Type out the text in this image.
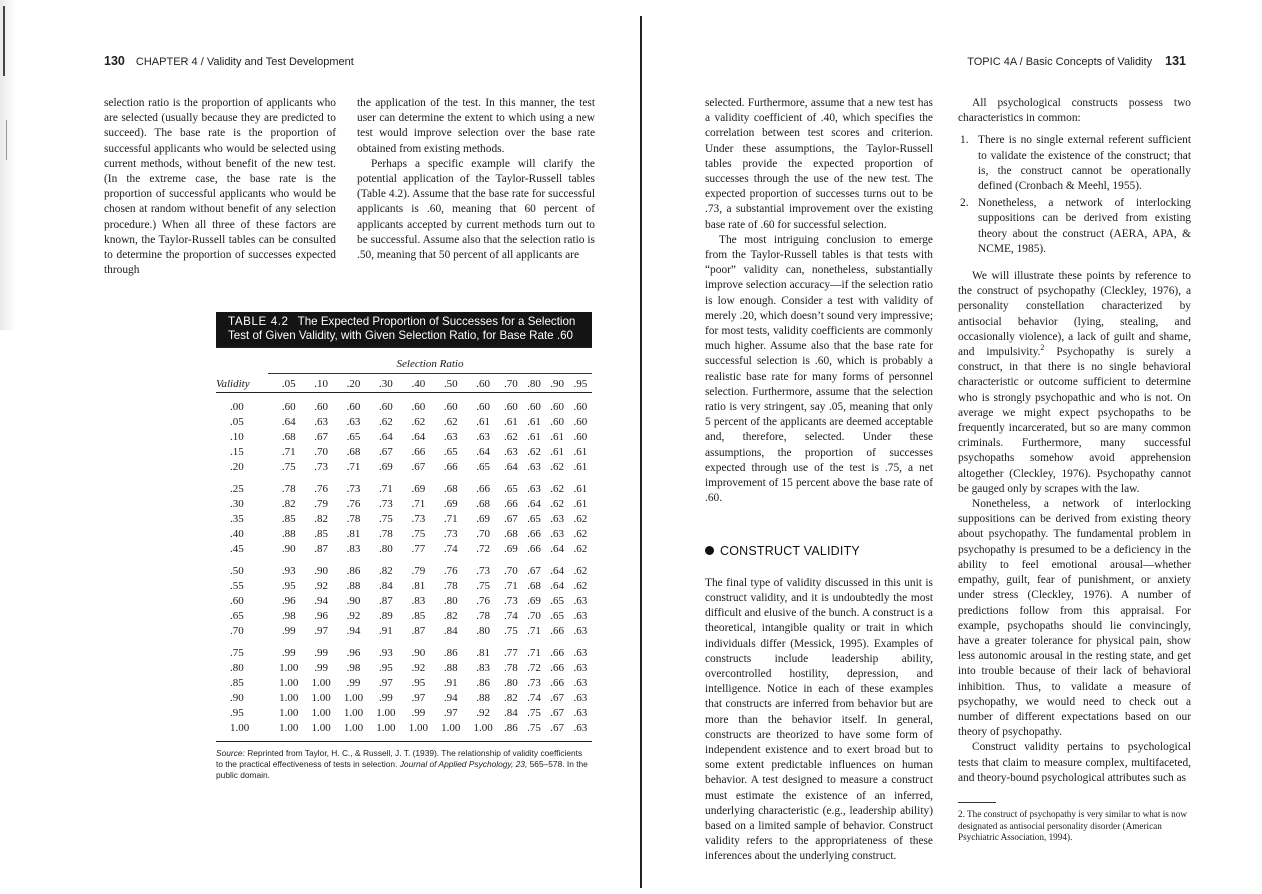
130 CHAPTER 4 / Validity and Test Development

selection ratio is the proportion of applicants who are selected (usually because they are predicted to succeed). The base rate is the proportion of successful applicants who would be selected using current methods, without benefit of the new test. (In the extreme case, the base rate is the proportion of successful applicants who would be chosen at random without benefit of any selection procedure.) When all three of these factors are known, the Taylor-Russell tables can be consulted to determine the proportion of successes expected through

the application of the test. In this manner, the test user can determine the extent to which using a new test would improve selection over the base rate obtained from existing methods.

Perhaps a specific example will clarify the potential application of the Taylor-Russell tables (Table 4.2). Assume that the base rate for successful applicants is .60, meaning that 60 percent of applicants accepted by current methods turn out to be successful. Assume also that the selection ratio is .50, meaning that 50 percent of all applicants are

TABLE 4.2 The Expected Proportion of Successes for a Selection Test of Given Validity, with Given Selection Ratio, for Base Rate .60
Selection Ratio
Validity	.05	.10	.20	.30	.40	.50	.60	.70	.80	.90	.95
.00	.60	.60	.60	.60	.60	.60	.60	.60	.60	.60	.60
.05	.64	.63	.63	.62	.62	.62	.61	.61	.61	.60	.60
.10	.68	.67	.65	.64	.64	.63	.63	.62	.61	.61	.60
.15	.71	.70	.68	.67	.66	.65	.64	.63	.62	.61	.61
.20	.75	.73	.71	.69	.67	.66	.65	.64	.63	.62	.61
.25	.78	.76	.73	.71	.69	.68	.66	.65	.63	.62	.61
.30	.82	.79	.76	.73	.71	.69	.68	.66	.64	.62	.61
.35	.85	.82	.78	.75	.73	.71	.69	.67	.65	.63	.62
.40	.88	.85	.81	.78	.75	.73	.70	.68	.66	.63	.62
.45	.90	.87	.83	.80	.77	.74	.72	.69	.66	.64	.62
.50	.93	.90	.86	.82	.79	.76	.73	.70	.67	.64	.62
.55	.95	.92	.88	.84	.81	.78	.75	.71	.68	.64	.62
.60	.96	.94	.90	.87	.83	.80	.76	.73	.69	.65	.63
.65	.98	.96	.92	.89	.85	.82	.78	.74	.70	.65	.63
.70	.99	.97	.94	.91	.87	.84	.80	.75	.71	.66	.63
.75	.99	.99	.96	.93	.90	.86	.81	.77	.71	.66	.63
.80	1.00	.99	.98	.95	.92	.88	.83	.78	.72	.66	.63
.85	1.00	1.00	.99	.97	.95	.91	.86	.80	.73	.66	.63
.90	1.00	1.00	1.00	.99	.97	.94	.88	.82	.74	.67	.63
.95	1.00	1.00	1.00	1.00	.99	.97	.92	.84	.75	.67	.63
1.00	1.00	1.00	1.00	1.00	1.00	1.00	1.00	.86	.75	.67	.63
Source: Reprinted from Taylor, H. C., & Russell, J. T. (1939). The relationship of validity coefficients to the practical effectiveness of tests in selection. Journal of Applied Psychology, 23, 565–578. In the public domain.
TOPIC 4A / Basic Concepts of Validity 131

selected. Furthermore, assume that a new test has a validity coefficient of .40, which specifies the correlation between test scores and criterion. Under these assumptions, the Taylor-Russell tables provide the expected proportion of successes through the use of the new test. The expected proportion of successes turns out to be .73, a substantial improvement over the existing base rate of .60 for successful selection.

The most intriguing conclusion to emerge from the Taylor-Russell tables is that tests with “poor” validity can, nonetheless, substantially improve selection accuracy—if the selection ratio is low enough. Consider a test with validity of merely .20, which doesn’t sound very impressive; for most tests, validity coefficients are commonly much higher. Assume also that the base rate for successful selection is .60, which is probably a realistic base rate for many forms of personnel selection. Furthermore, assume that the selection ratio is very stringent, say .05, meaning that only 5 percent of the applicants are deemed acceptable and, therefore, selected. Under these assumptions, the proportion of successes expected through use of the test is .75, a net improvement of 15 percent above the base rate of .60.

CONSTRUCT VALIDITY

The final type of validity discussed in this unit is construct validity, and it is undoubtedly the most difficult and elusive of the bunch. A construct is a theoretical, intangible quality or trait in which individuals differ (Messick, 1995). Examples of constructs include leadership ability, overcontrolled hostility, depression, and intelligence. Notice in each of these examples that constructs are inferred from behavior but are more than the behavior itself. In general, constructs are theorized to have some form of independent existence and to exert broad but to some extent predictable influences on human behavior. A test designed to measure a construct must estimate the existence of an inferred, underlying characteristic (e.g., leadership ability) based on a limited sample of behavior. Construct validity refers to the appropriateness of these inferences about the underlying construct.

All psychological constructs possess two characteristics in common:

1. There is no single external referent sufficient to validate the existence of the construct; that is, the construct cannot be operationally defined (Cronbach & Meehl, 1955).
2. Nonetheless, a network of interlocking suppositions can be derived from existing theory about the construct (AERA, APA, & NCME, 1985).

We will illustrate these points by reference to the construct of psychopathy (Cleckley, 1976), a personality constellation characterized by antisocial behavior (lying, stealing, and occasionally violence), a lack of guilt and shame, and impulsivity.$^2$ Psychopathy is surely a construct, in that there is no single behavioral characteristic or outcome sufficient to determine who is strongly psychopathic and who is not. On average we might expect psychopaths to be frequently incarcerated, but so are many common criminals. Furthermore, many successful psychopaths somehow avoid apprehension altogether (Cleckley, 1976). Psychopathy cannot be gauged only by scrapes with the law.

Nonetheless, a network of interlocking suppositions can be derived from existing theory about psychopathy. The fundamental problem in psychopathy is presumed to be a deficiency in the ability to feel emotional arousal—whether empathy, guilt, fear of punishment, or anxiety under stress (Cleckley, 1976). A number of predictions follow from this appraisal. For example, psychopaths should lie convincingly, have a greater tolerance for physical pain, show less autonomic arousal in the resting state, and get into trouble because of their lack of behavioral inhibition. Thus, to validate a measure of psychopathy, we would need to check out a number of different expectations based on our theory of psychopathy.

Construct validity pertains to psychological tests that claim to measure complex, multifaceted, and theory-bound psychological attributes such as

2. The construct of psychopathy is very similar to what is now designated as antisocial personality disorder (American Psychiatric Association, 1994).
